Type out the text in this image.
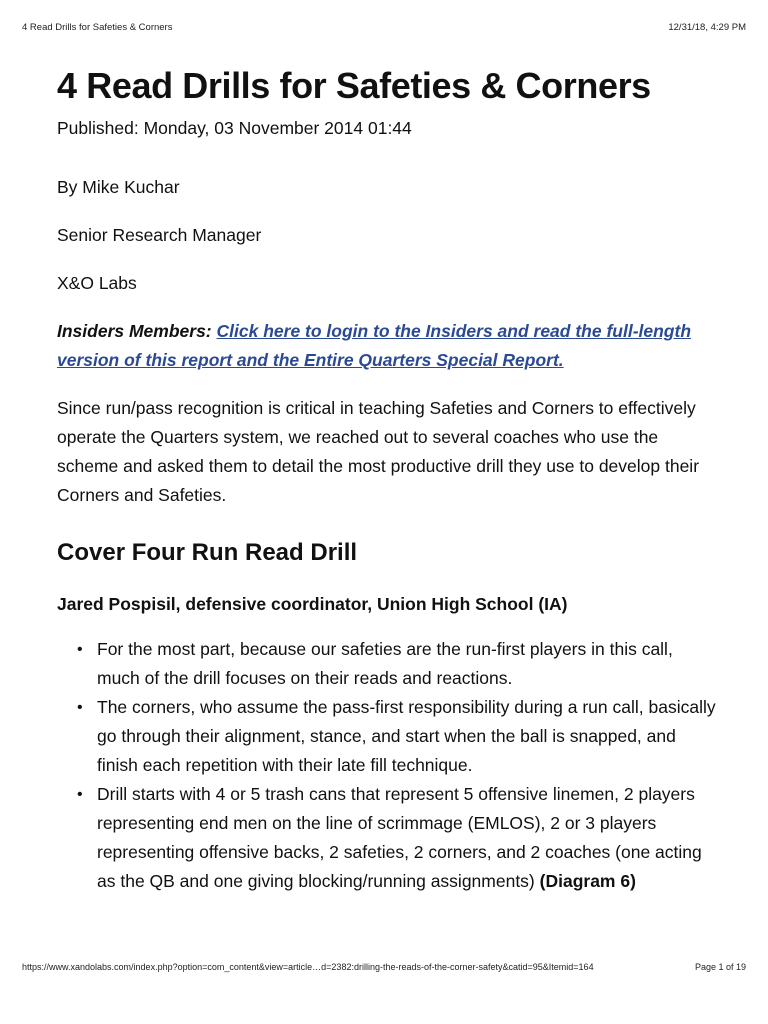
4 Read Drills for Safeties & Corners	12/31/18, 4:29 PM
4 Read Drills for Safeties & Corners
Published: Monday, 03 November 2014 01:44

By Mike Kuchar

Senior Research Manager

X&O Labs

Insiders Members: Click here to login to the Insiders and read the full-length version of this report and the Entire Quarters Special Report.

Since run/pass recognition is critical in teaching Safeties and Corners to effectively operate the Quarters system, we reached out to several coaches who use the scheme and asked them to detail the most productive drill they use to develop their Corners and Safeties.

Cover Four Run Read Drill
Jared Pospisil, defensive coordinator, Union High School (IA)
• For the most part, because our safeties are the run-first players in this call, much of the drill focuses on their reads and reactions.
• The corners, who assume the pass-first responsibility during a run call, basically go through their alignment, stance, and start when the ball is snapped, and finish each repetition with their late fill technique.
• Drill starts with 4 or 5 trash cans that represent 5 offensive linemen, 2 players representing end men on the line of scrimmage (EMLOS), 2 or 3 players representing offensive backs, 2 safeties, 2 corners, and 2 coaches (one acting as the QB and one giving blocking/running assignments) (Diagram 6)
https://www.xandolabs.com/index.php?option=com_content&view=article…d=2382:drilling-the-reads-of-the-corner-safety&catid=95&Itemid=164	Page 1 of 19
